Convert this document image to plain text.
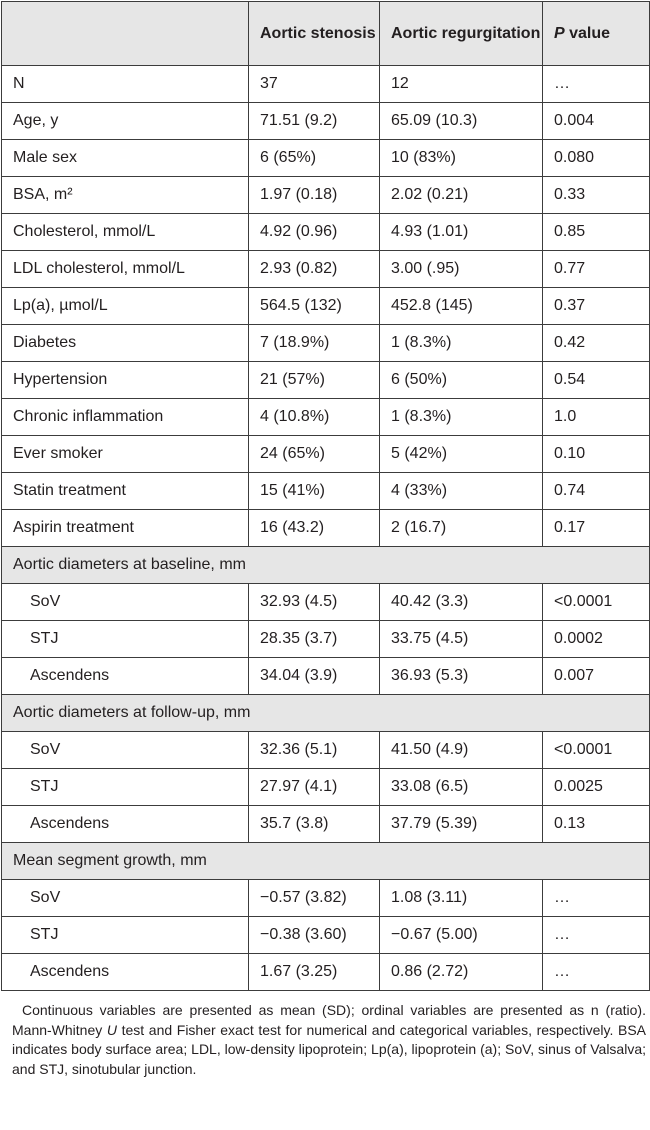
	Aortic stenosis	Aortic regurgitation	P value
N	37	12	…
Age, y	71.51 (9.2)	65.09 (10.3)	0.004
Male sex	6 (65%)	10 (83%)	0.080
BSA, m²	1.97 (0.18)	2.02 (0.21)	0.33
Cholesterol, mmol/L	4.92 (0.96)	4.93 (1.01)	0.85
LDL cholesterol, mmol/L	2.93 (0.82)	3.00 (.95)	0.77
Lp(a), µmol/L	564.5 (132)	452.8 (145)	0.37
Diabetes	7 (18.9%)	1 (8.3%)	0.42
Hypertension	21 (57%)	6 (50%)	0.54
Chronic inflammation	4 (10.8%)	1 (8.3%)	1.0
Ever smoker	24 (65%)	5 (42%)	0.10
Statin treatment	15 (41%)	4 (33%)	0.74
Aspirin treatment	16 (43.2)	2 (16.7)	0.17
Aortic diameters at baseline, mm			
SoV	32.93 (4.5)	40.42 (3.3)	<0.0001
STJ	28.35 (3.7)	33.75 (4.5)	0.0002
Ascendens	34.04 (3.9)	36.93 (5.3)	0.007
Aortic diameters at follow-up, mm			
SoV	32.36 (5.1)	41.50 (4.9)	<0.0001
STJ	27.97 (4.1)	33.08 (6.5)	0.0025
Ascendens	35.7 (3.8)	37.79 (5.39)	0.13
Mean segment growth, mm			
SoV	−0.57 (3.82)	1.08 (3.11)	…
STJ	−0.38 (3.60)	−0.67 (5.00)	…
Ascendens	1.67 (3.25)	0.86 (2.72)	…
Continuous variables are presented as mean (SD); ordinal variables are presented as n (ratio). Mann-Whitney U test and Fisher exact test for numerical and categorical variables, respectively. BSA indicates body surface area; LDL, low-density lipoprotein; Lp(a), lipoprotein (a); SoV, sinus of Valsalva; and STJ, sinotubular junction.
